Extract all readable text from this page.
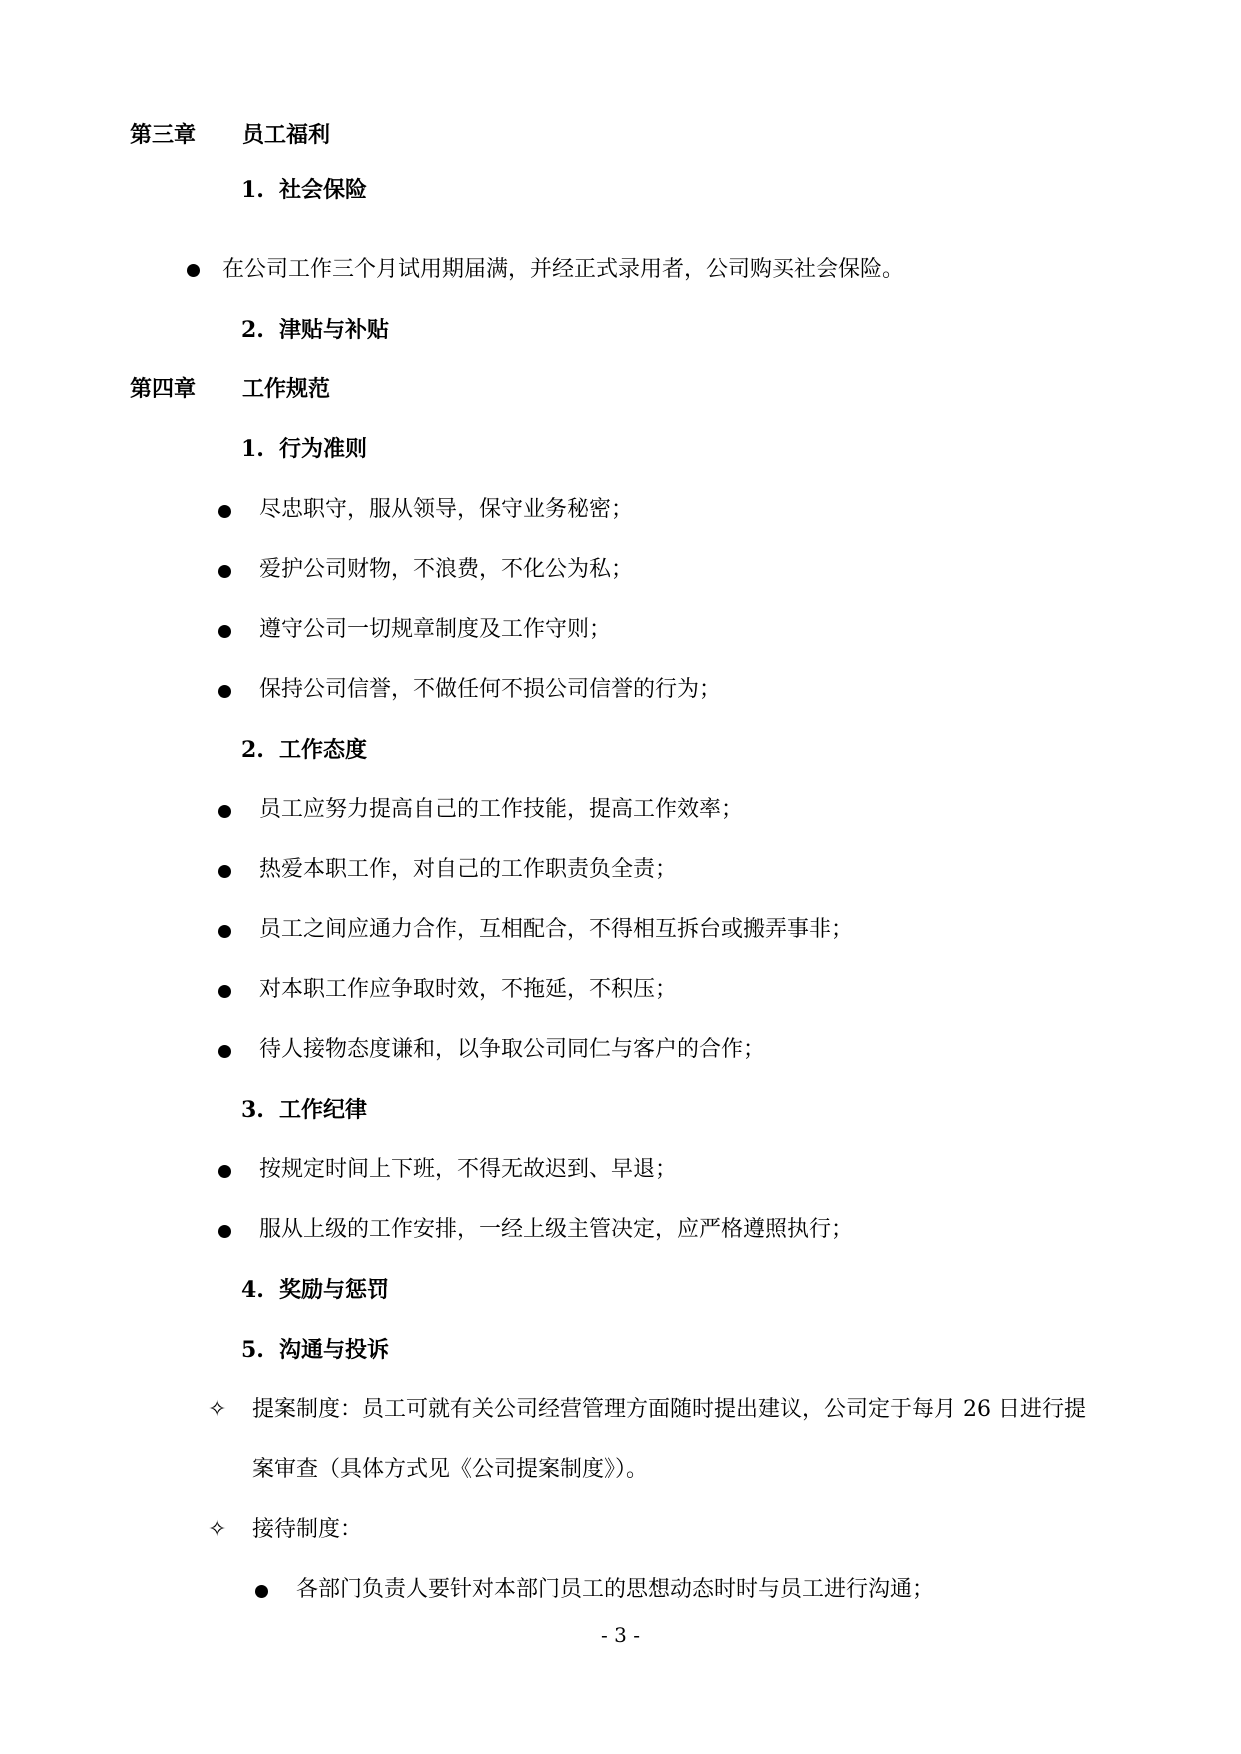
第三章 员工福利
1. 社会保险
在公司工作三个月试用期届满，并经正式录用者，公司购买社会保险。
2. 津贴与补贴
第四章 工作规范
1. 行为准则
尽忠职守，服从领导，保守业务秘密；
爱护公司财物，不浪费，不化公为私；
遵守公司一切规章制度及工作守则；
保持公司信誉，不做任何不损公司信誉的行为；
2. 工作态度
员工应努力提高自己的工作技能，提高工作效率；
热爱本职工作，对自己的工作职责负全责；
员工之间应通力合作，互相配合，不得相互拆台或搬弄事非；
对本职工作应争取时效，不拖延，不积压；
待人接物态度谦和，以争取公司同仁与客户的合作；
3. 工作纪律
按规定时间上下班，不得无故迟到、早退；
服从上级的工作安排，一经上级主管决定，应严格遵照执行；
4. 奖励与惩罚
5. 沟通与投诉
✧ 提案制度：员工可就有关公司经营管理方面随时提出建议，公司定于每月 26 日进行提
案审查（具体方式见《公司提案制度》）。
✧ 接待制度：
各部门负责人要针对本部门员工的思想动态时时与员工进行沟通；
- 3 -
